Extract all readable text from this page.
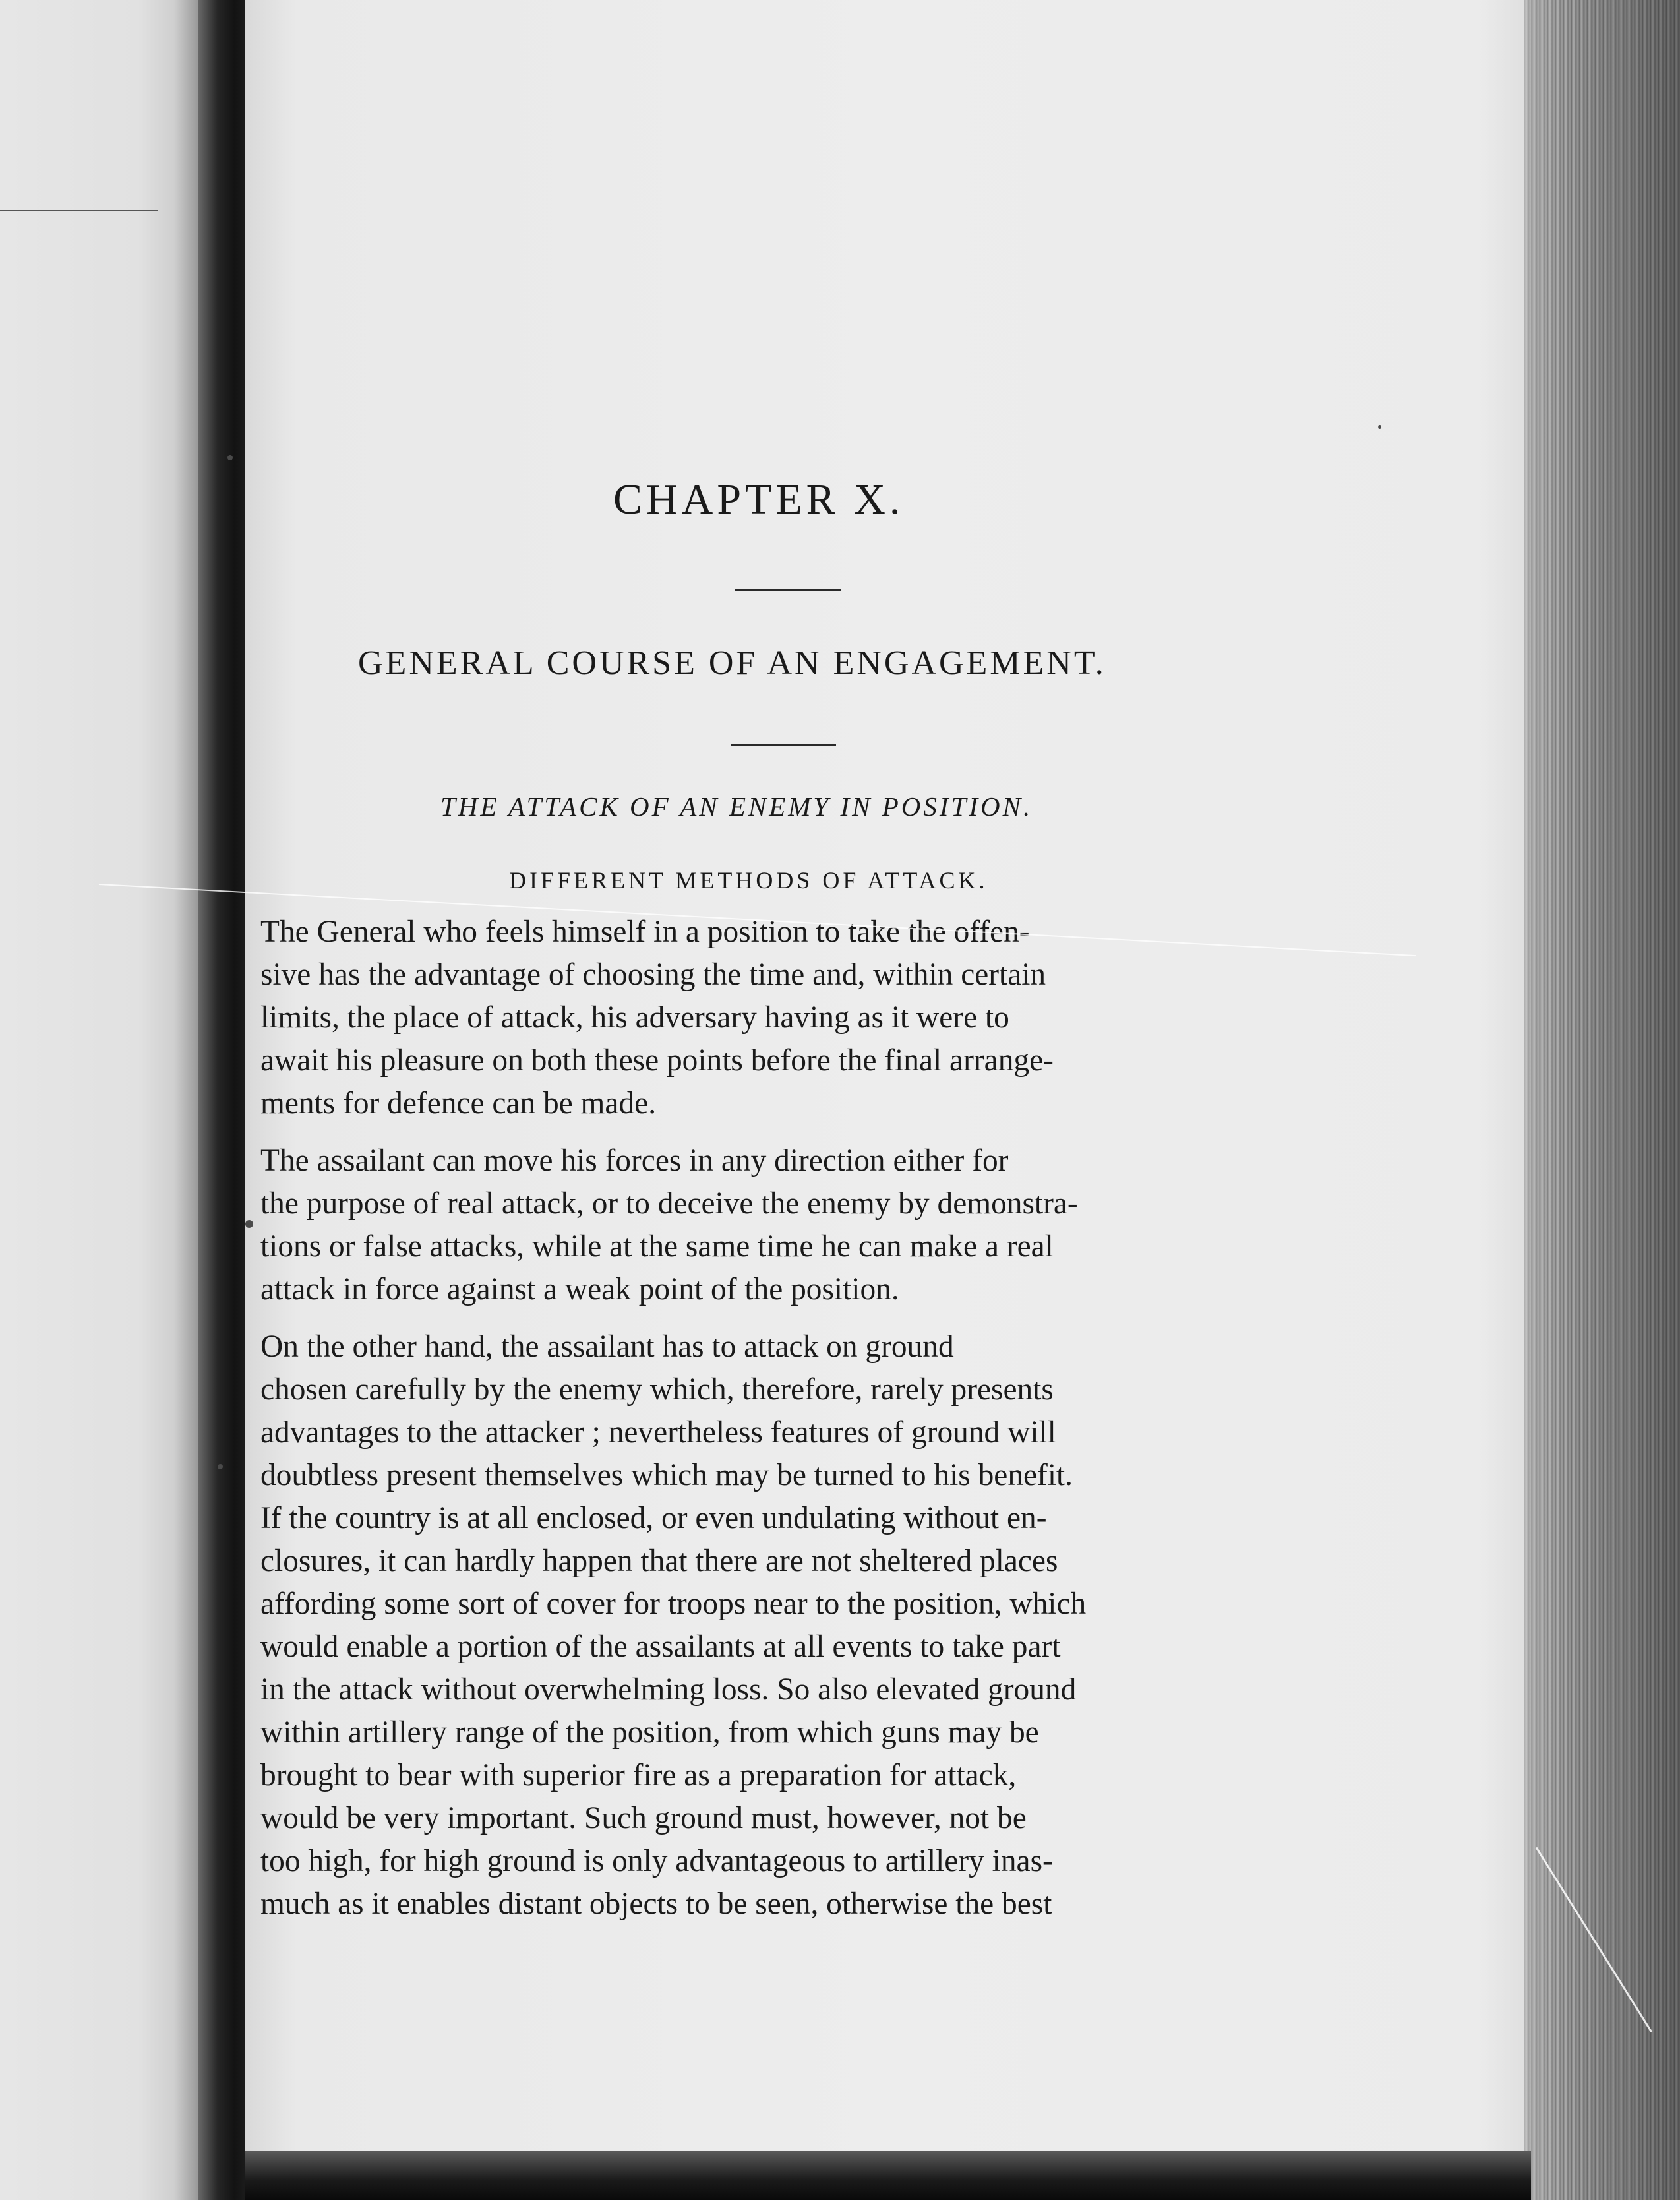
CHAPTER X.
GENERAL COURSE OF AN ENGAGEMENT.
THE ATTACK OF AN ENEMY IN POSITION.
DIFFERENT METHODS OF ATTACK.
The General who feels himself in a position to take the offen-
sive has the advantage of choosing the time and, within certain
limits, the place of attack, his adversary having as it were to
await his pleasure on both these points before the final arrange-
ments for defence can be made.
The assailant can move his forces in any direction either for
the purpose of real attack, or to deceive the enemy by demonstra-
tions or false attacks, while at the same time he can make a real
attack in force against a weak point of the position.
On the other hand, the assailant has to attack on ground
chosen carefully by the enemy which, therefore, rarely presents
advantages to the attacker ; nevertheless features of ground will
doubtless present themselves which may be turned to his benefit.
If the country is at all enclosed, or even undulating without en-
closures, it can hardly happen that there are not sheltered places
affording some sort of cover for troops near to the position, which
would enable a portion of the assailants at all events to take part
in the attack without overwhelming loss. So also elevated ground
within artillery range of the position, from which guns may be
brought to bear with superior fire as a preparation for attack,
would be very important. Such ground must, however, not be
too high, for high ground is only advantageous to artillery inas-
much as it enables distant objects to be seen, otherwise the best
